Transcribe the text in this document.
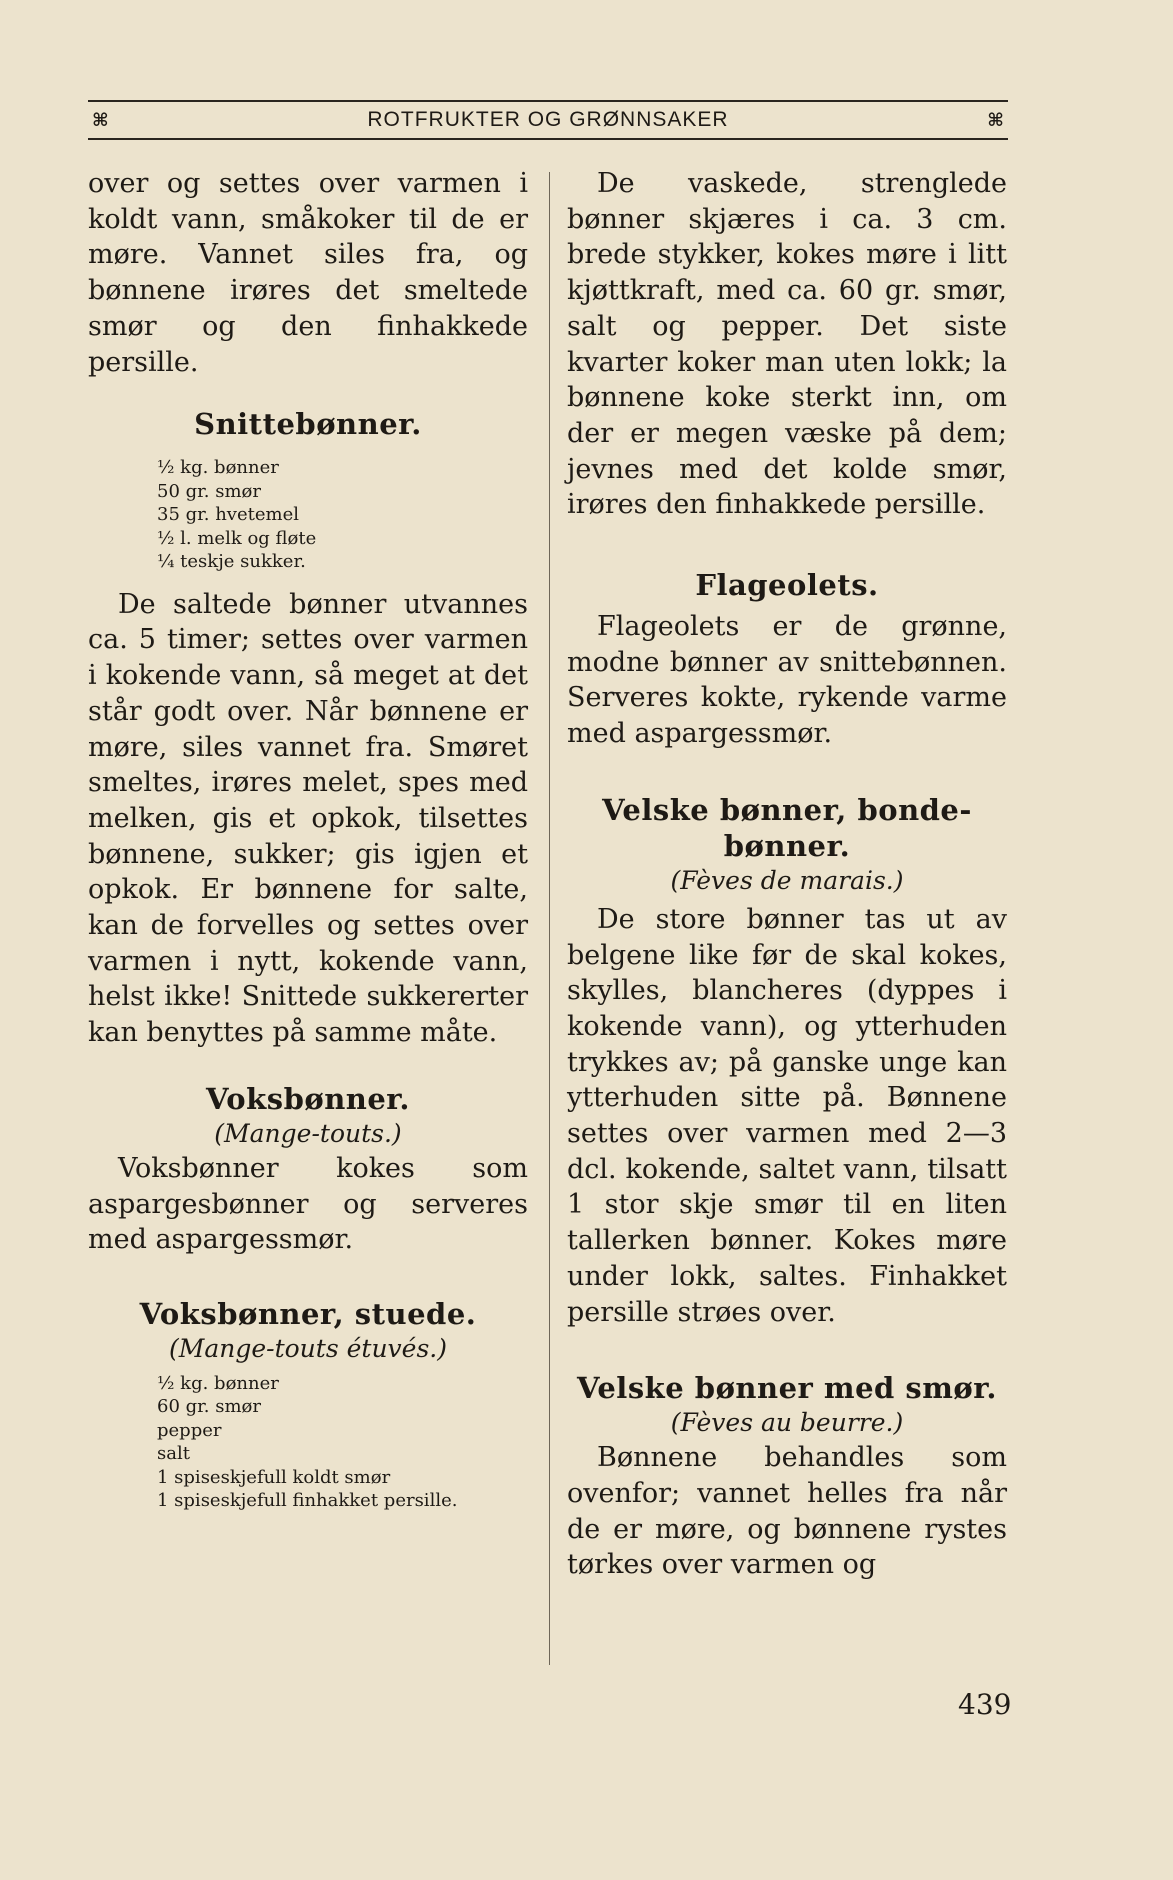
⌘	ROTFRUKTER OG GRØNNSAKER	⌘

over og settes over varmen i koldt vann, småkoker til de er møre. Vannet siles fra, og bønnene irøres det smeltede smør og den finhakkede persille.

Snittebønner.
½ kg. bønner
50 gr. smør
35 gr. hvetemel
½ l. melk og fløte
¼ teskje sukker.

De saltede bønner utvannes ca. 5 timer; settes over varmen i kokende vann, så meget at det står godt over. Når bønnene er møre, siles vannet fra. Smøret smeltes, irøres melet, spes med melken, gis et opkok, tilsettes bønnene, sukker; gis igjen et opkok. Er bønnene for salte, kan de forvelles og settes over varmen i nytt, kokende vann, helst ikke! Snittede sukkererter kan benyttes på samme måte.

Voksbønner.

(Mange-touts.)

Voksbønner kokes som aspargesbønner og serveres med aspargessmør.

Voksbønner, stuede.

(Mange-touts étuvés.)

½ kg. bønner
60 gr. smør
pepper
salt
1 spiseskjefull koldt smør
1 spiseskjefull finhakket persille.

De vaskede, strenglede bønner skjæres i ca. 3 cm. brede stykker, kokes møre i litt kjøttkraft, med ca. 60 gr. smør, salt og pepper. Det siste kvarter koker man uten lokk; la bønnene koke sterkt inn, om der er megen væske på dem; jevnes med det kolde smør, irøres den finhakkede persille.

Flageolets.

Flageolets er de grønne, modne bønner av snittebønnen. Serveres kokte, rykende varme med aspargessmør.

Velske bønner, bonde-
bønner.

(Fèves de marais.)

De store bønner tas ut av belgene like før de skal kokes, skylles, blancheres (dyppes i kokende vann), og ytterhuden trykkes av; på ganske unge kan ytterhuden sitte på. Bønnene settes over varmen med 2—3 dcl. kokende, saltet vann, tilsatt 1 stor skje smør til en liten tallerken bønner. Kokes møre under lokk, saltes. Finhakket persille strøes over.

Velske bønner med smør.

(Fèves au beurre.)

Bønnene behandles som ovenfor; vannet helles fra når de er møre, og bønnene rystes tørkes over varmen og

439
